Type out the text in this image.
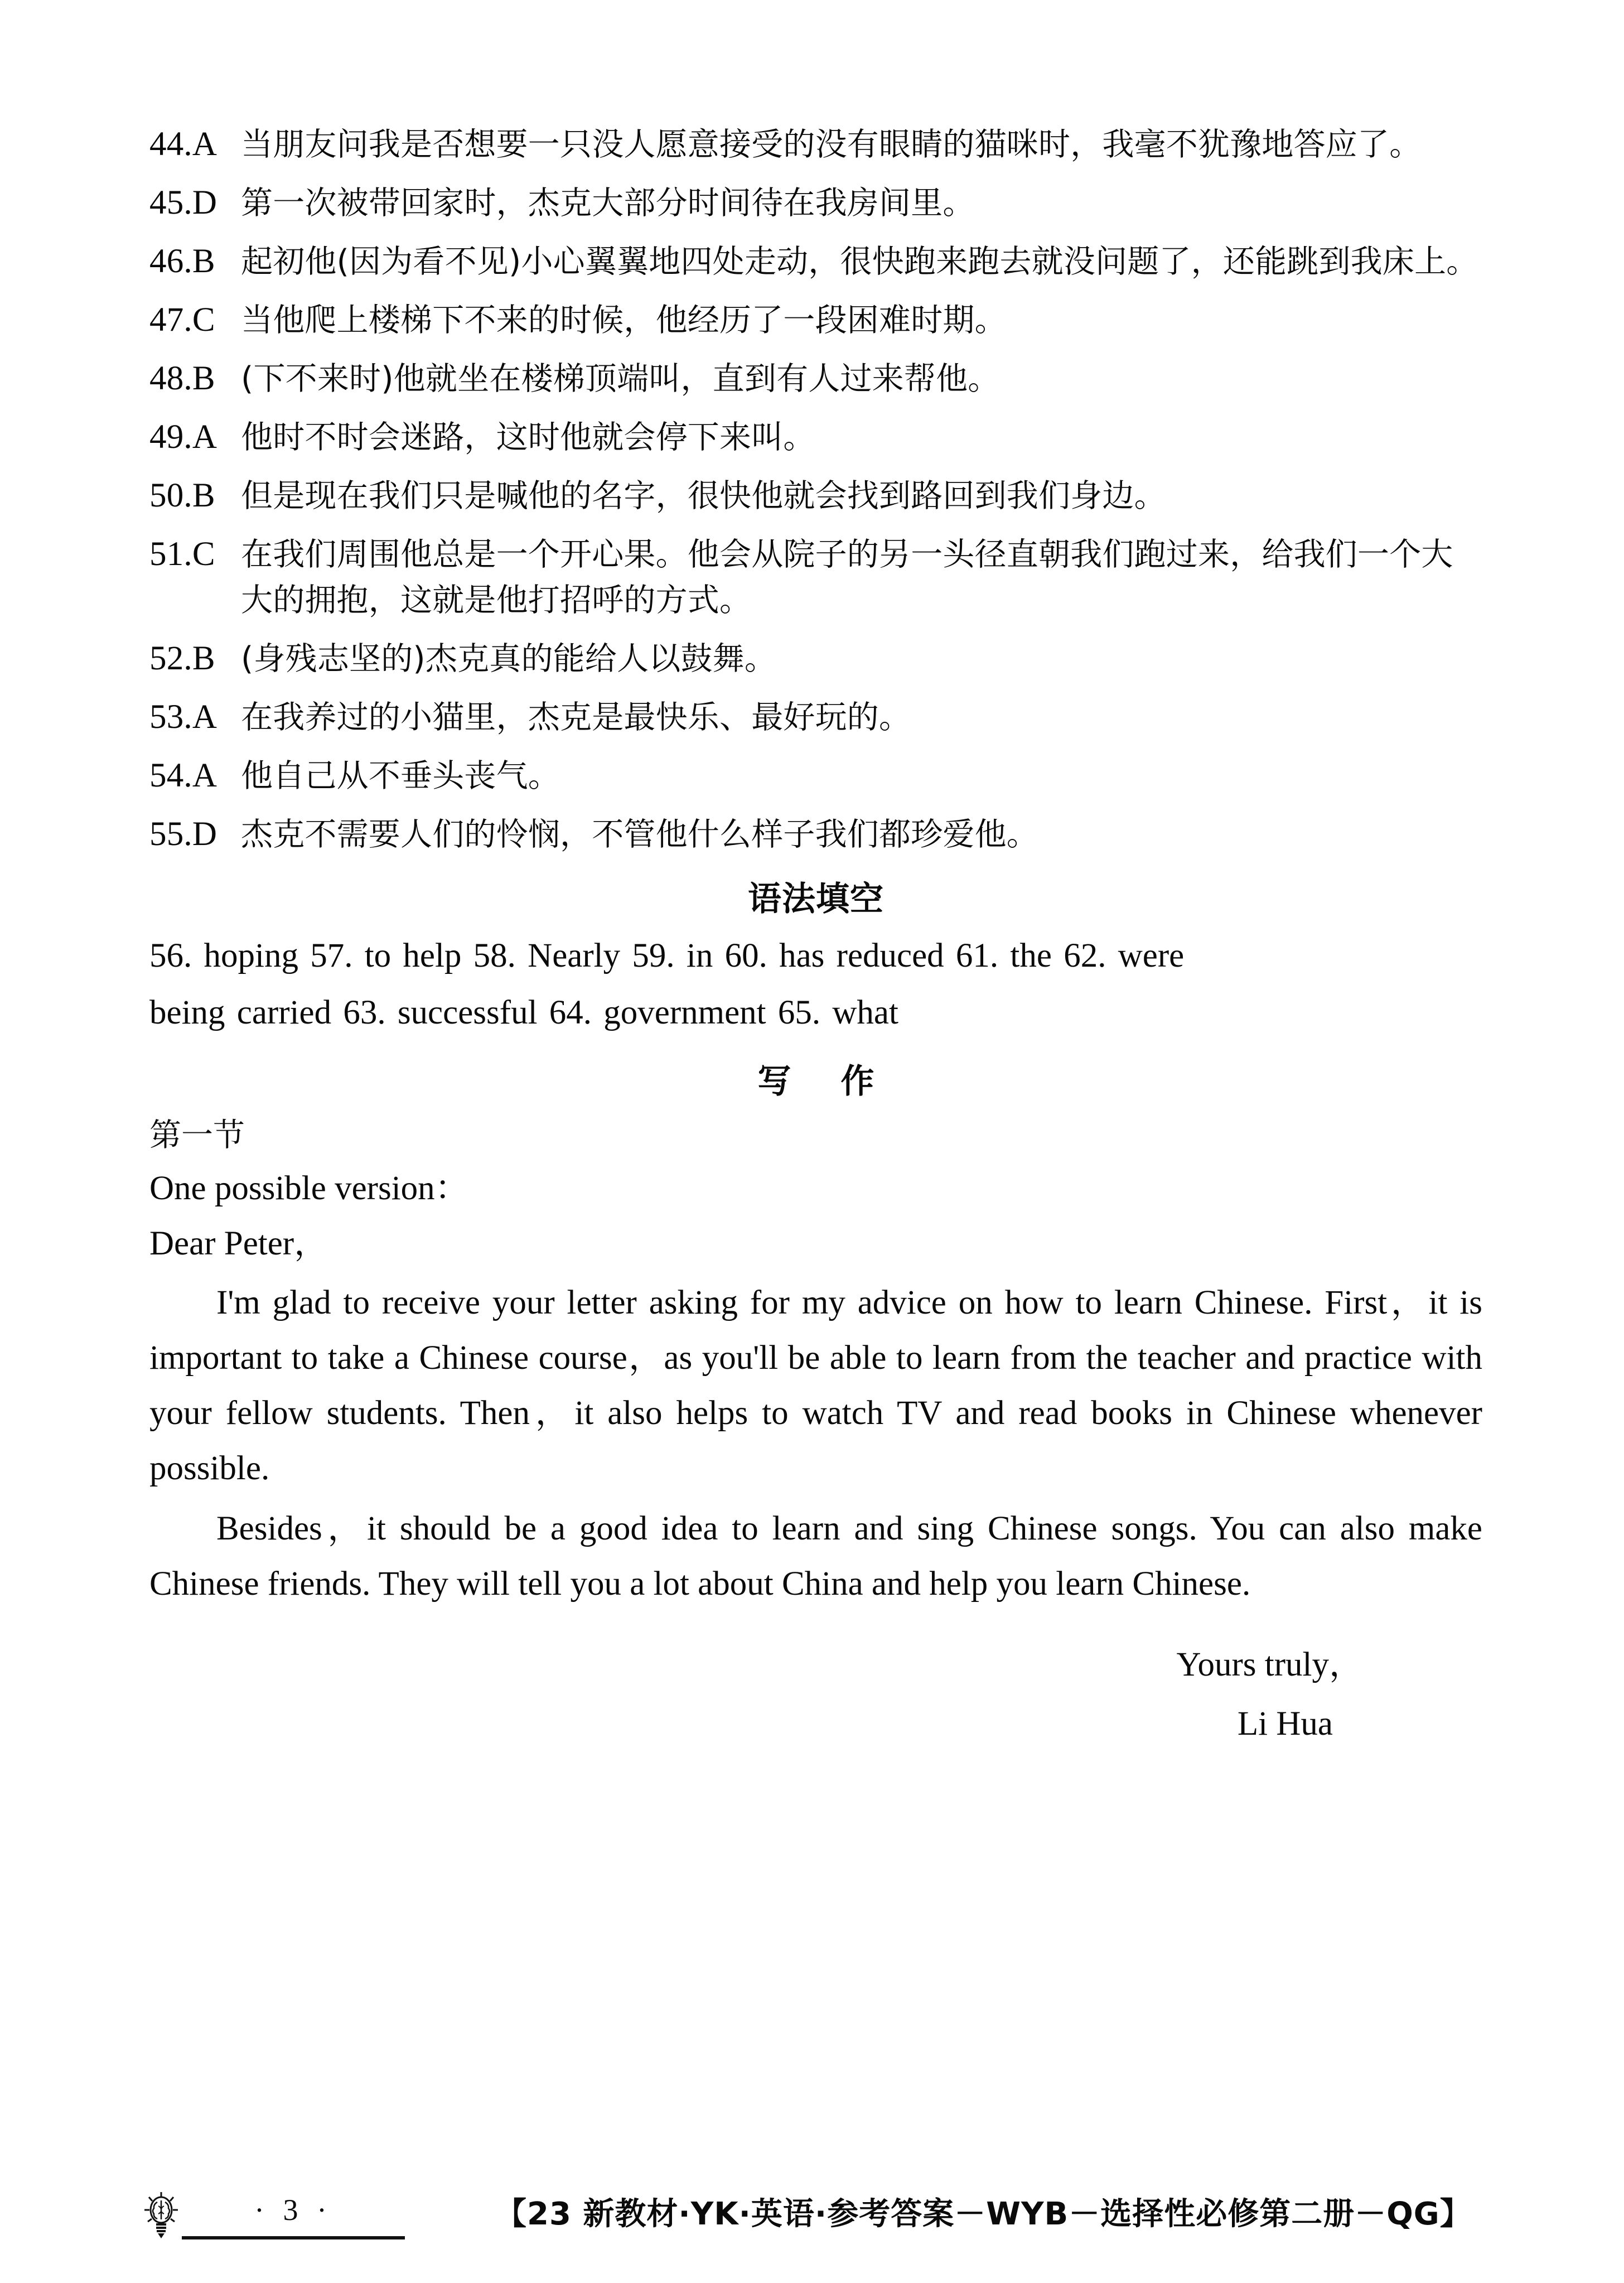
44.A 当朋友问我是否想要一只没人愿意接受的没有眼睛的猫咪时，我毫不犹豫地答应了。
45.D 第一次被带回家时，杰克大部分时间待在我房间里。
46.B 起初他(因为看不见)小心翼翼地四处走动，很快跑来跑去就没问题了，还能跳到我床上。
47.C 当他爬上楼梯下不来的时候，他经历了一段困难时期。
48.B (下不来时)他就坐在楼梯顶端叫，直到有人过来帮他。
49.A 他时不时会迷路，这时他就会停下来叫。
50.B 但是现在我们只是喊他的名字，很快他就会找到路回到我们身边。
51.C 在我们周围他总是一个开心果。他会从院子的另一头径直朝我们跑过来，给我们一个大大的拥抱，这就是他打招呼的方式。
52.B (身残志坚的)杰克真的能给人以鼓舞。
53.A 在我养过的小猫里，杰克是最快乐、最好玩的。
54.A 他自己从不垂头丧气。
55.D 杰克不需要人们的怜悯，不管他什么样子我们都珍爱他。
语法填空
56. hoping 57. to help 58. Nearly 59. in 60. has reduced 61. the 62. were
being carried 63. successful 64. government 65. what
写 作
第一节
One possible version：
Dear Peter，
I'm glad to receive your letter asking for my advice on how to learn Chinese. First，it is important to take a Chinese course，as you'll be able to learn from the teacher and practice with your fellow students. Then，it also helps to watch TV and read books in Chinese whenever possible.
Besides，it should be a good idea to learn and sing Chinese songs. You can also make Chinese friends. They will tell you a lot about China and help you learn Chinese.
Yours truly，
Li Hua
· 3 ·	【23 新教材·YK·英语·参考答案－WYB－选择性必修第二册－QG】
